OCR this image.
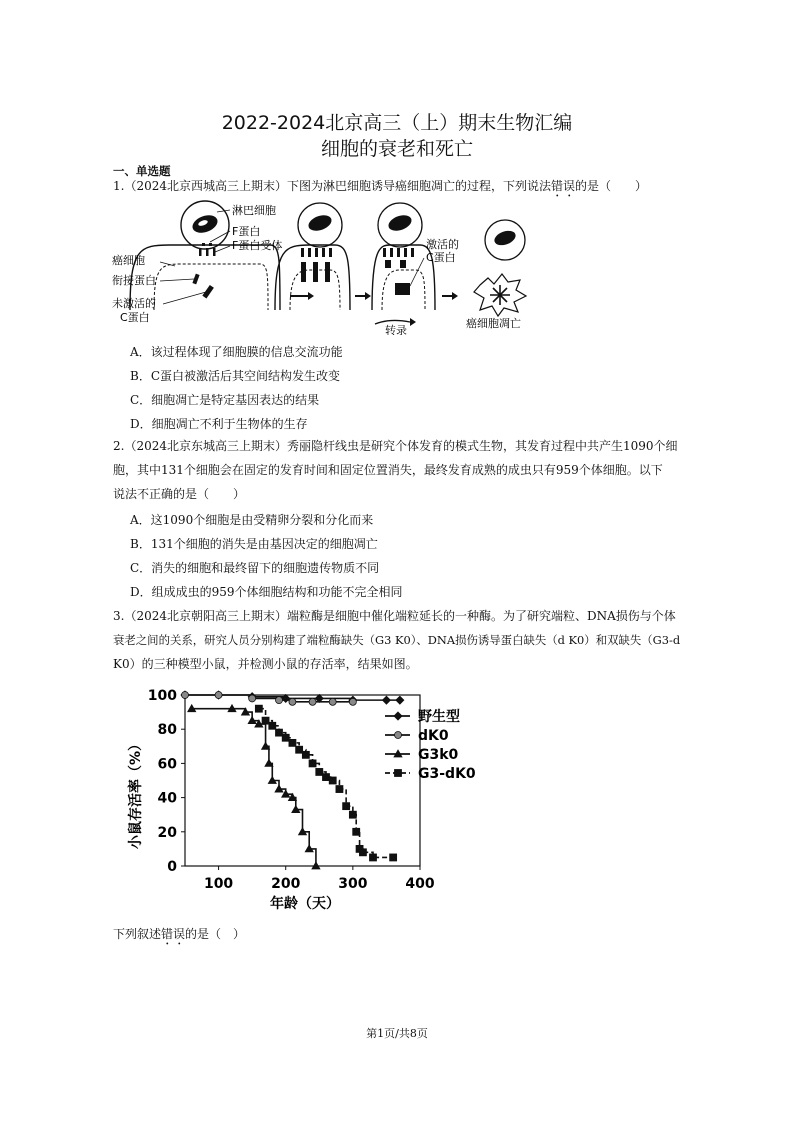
2022-2024北京高三（上）期末生物汇编
细胞的衰老和死亡
一、单选题
1.（2024北京西城高三上期末）下图为淋巴细胞诱导癌细胞凋亡的过程，下列说法错误的是（　　）
淋巴细胞
F蛋白
F蛋白受体
癌细胞
衔接蛋白
未激活的
C蛋白
激活的
C蛋白
转录
癌细胞凋亡
A．该过程体现了细胞膜的信息交流功能
B．C蛋白被激活后其空间结构发生改变
C．细胞凋亡是特定基因表达的结果
D．细胞凋亡不利于生物体的生存
2.（2024北京东城高三上期末）秀丽隐杆线虫是研究个体发育的模式生物，其发育过程中共产生1090个细
胞，其中131个细胞会在固定的发育时间和固定位置消失，最终发育成熟的成虫只有959个体细胞。以下
说法不正确的是（　　）
A．这1090个细胞是由受精卵分裂和分化而来
B．131个细胞的消失是由基因决定的细胞凋亡
C．消失的细胞和最终留下的细胞遗传物质不同
D．组成成虫的959个体细胞结构和功能不完全相同
3.（2024北京朝阳高三上期末）端粒酶是细胞中催化端粒延长的一种酶。为了研究端粒、DNA损伤与个体
衰老之间的关系，研究人员分别构建了端粒酶缺失（G3 K0）、DNA损伤诱导蛋白缺失（d K0）和双缺失（G3-d
K0）的三种模型小鼠，并检测小鼠的存活率，结果如图。
0
20
40
60
80
100
100	200	300	400
野生型
dK0
G3k0
G3-dK0
小鼠存活率（%）
年龄（天）
下列叙述错误的是（　）
第1页/共8页
